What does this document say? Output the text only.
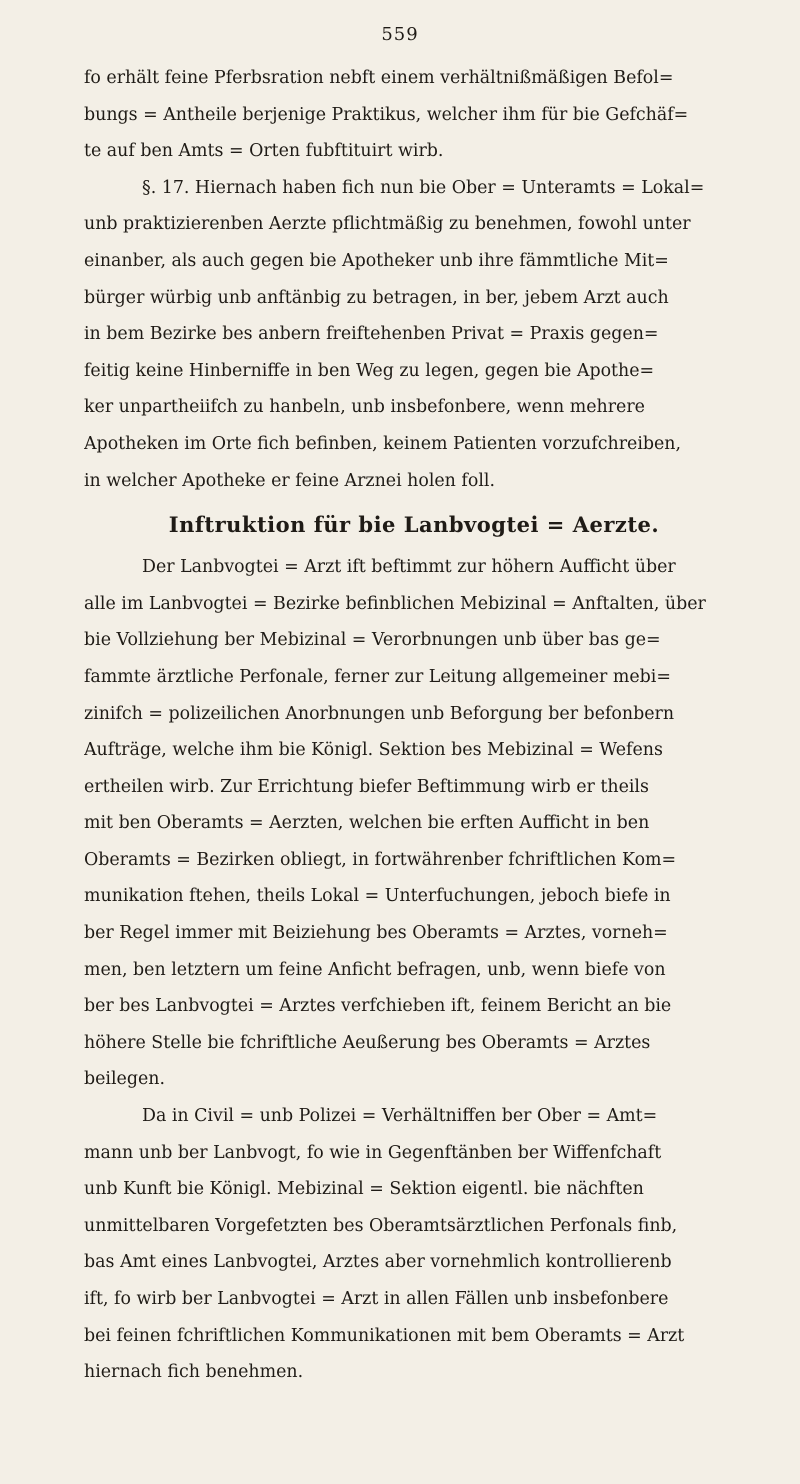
559
fo erhält feine Pferbsration nebft einem verhältnißmäßigen Befol=
bungs = Antheile berjenige Praktikus, welcher ihm für bie Gefchäf=
te auf ben Amts = Orten fubftituirt wirb.
§. 17. Hiernach haben fich nun bie Ober = Unteramts = Lokal=
unb praktizierenben Aerzte pflichtmäßig zu benehmen, fowohl unter
einanber, als auch gegen bie Apotheker unb ihre fämmtliche Mit=
bürger würbig unb anftänbig zu betragen, in ber, jebem Arzt auch
in bem Bezirke bes anbern freiftehenben Privat = Praxis gegen=
feitig keine Hinberniffe in ben Weg zu legen, gegen bie Apothe=
ker unpartheiifch zu hanbeln, unb insbefonbere, wenn mehrere
Apotheken im Orte fich befinben, keinem Patienten vorzufchreiben,
in welcher Apotheke er feine Arznei holen foll.
Inftruktion für bie Lanbvogtei = Aerzte.
Der Lanbvogtei = Arzt ift beftimmt zur höhern Aufficht über
alle im Lanbvogtei = Bezirke befinblichen Mebizinal = Anftalten, über
bie Vollziehung ber Mebizinal = Verorbnungen unb über bas ge=
fammte ärztliche Perfonale, ferner zur Leitung allgemeiner mebi=
zinifch = polizeilichen Anorbnungen unb Beforgung ber befonbern
Aufträge, welche ihm bie Königl. Sektion bes Mebizinal = Wefens
ertheilen wirb. Zur Errichtung biefer Beftimmung wirb er theils
mit ben Oberamts = Aerzten, welchen bie erften Aufficht in ben
Oberamts = Bezirken obliegt, in fortwährenber fchriftlichen Kom=
munikation ftehen, theils Lokal = Unterfuchungen, jeboch biefe in
ber Regel immer mit Beiziehung bes Oberamts = Arztes, vorneh=
men, ben letztern um feine Anficht befragen, unb, wenn biefe von
ber bes Lanbvogtei = Arztes verfchieben ift, feinem Bericht an bie
höhere Stelle bie fchriftliche Aeußerung bes Oberamts = Arztes
beilegen.
Da in Civil = unb Polizei = Verhältniffen ber Ober = Amt=
mann unb ber Lanbvogt, fo wie in Gegenftänben ber Wiffenfchaft
unb Kunft bie Königl. Mebizinal = Sektion eigentl. bie nächften
unmittelbaren Vorgefetzten bes Oberamtsärztlichen Perfonals finb,
bas Amt eines Lanbvogtei, Arztes aber vornehmlich kontrollierenb
ift, fo wirb ber Lanbvogtei = Arzt in allen Fällen unb insbefonbere
bei feinen fchriftlichen Kommunikationen mit bem Oberamts = Arzt
hiernach fich benehmen.
